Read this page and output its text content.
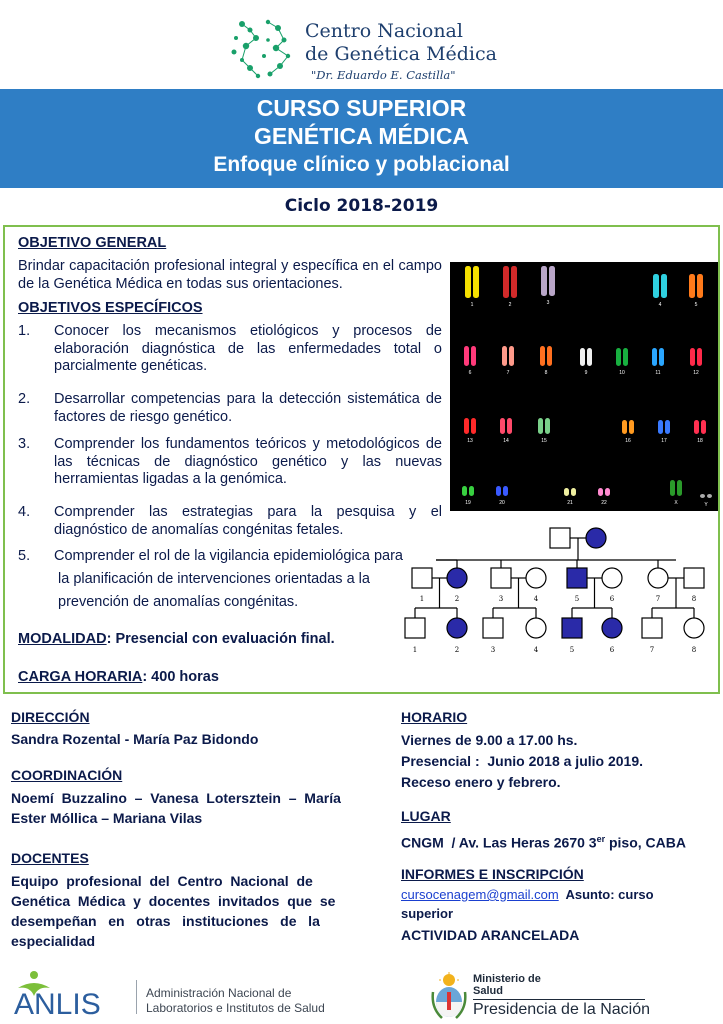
Centro Nacional
de Genética Médica
"Dr. Eduardo E. Castilla"
CURSO SUPERIOR
GENÉTICA MÉDICA
Enfoque clínico y poblacional
Ciclo 2018-2019
OBJETIVO GENERAL
Brindar capacitación profesional integral y específica en el campo de la Genética Médica en todas sus orientaciones.
OBJETIVOS ESPECÍFICOS
1. Conocer los mecanismos etiológicos y procesos de elaboración diagnóstica de las enfermedades total o parcialmente genéticas.
2. Desarrollar competencias para la detección sistemática de factores de riesgo genético.
3. Comprender los fundamentos teóricos y metodológicos de las técnicas de diagnóstico genético y las nuevas herramientas ligadas a la genómica.
4. Comprender las estrategias para la pesquisa y el diagnóstico de anomalías congénitas fetales.
5. Comprender el rol de la vigilancia epidemiológica para
la planificación de intervenciones orientadas a la
prevención de anomalías congénitas.
MODALIDAD: Presencial con evaluación final.
CARGA HORARIA: 400 horas
1	2	3	4	5
6	7	8	9	10	11	12
13	14	15	16	17	18
19	20	21	22	X	Y
1	2	3	4	5	6	7	8
1	2	3	4	5	6	7	8
DIRECCIÓN
Sandra Rozental - María Paz Bidondo
COORDINACIÓN
Noemí  Buzzalino  –  Vanesa  Lotersztein  –  María
Ester Móllica – Mariana Vilas
DOCENTES
Equipo  profesional  del  Centro  Nacional  de
Genética  Médica  y  docentes  invitados  que  se
desempeñan   en   otras   instituciones   de   la
especialidad
HORARIO
Viernes de 9.00 a 17.00 hs.
Presencial :  Junio 2018 a julio 2019.
Receso enero y febrero.
LUGAR
CNGM  / Av. Las Heras 2670 3er piso, CABA
INFORMES E INSCRIPCIÓN
cursocenagem@gmail.com  Asunto: curso
superior
ACTIVIDAD ARANCELADA
ANLIS	Administración Nacional de
Laboratorios e Institutos de Salud
Ministerio de
Salud
Presidencia de la Nación
